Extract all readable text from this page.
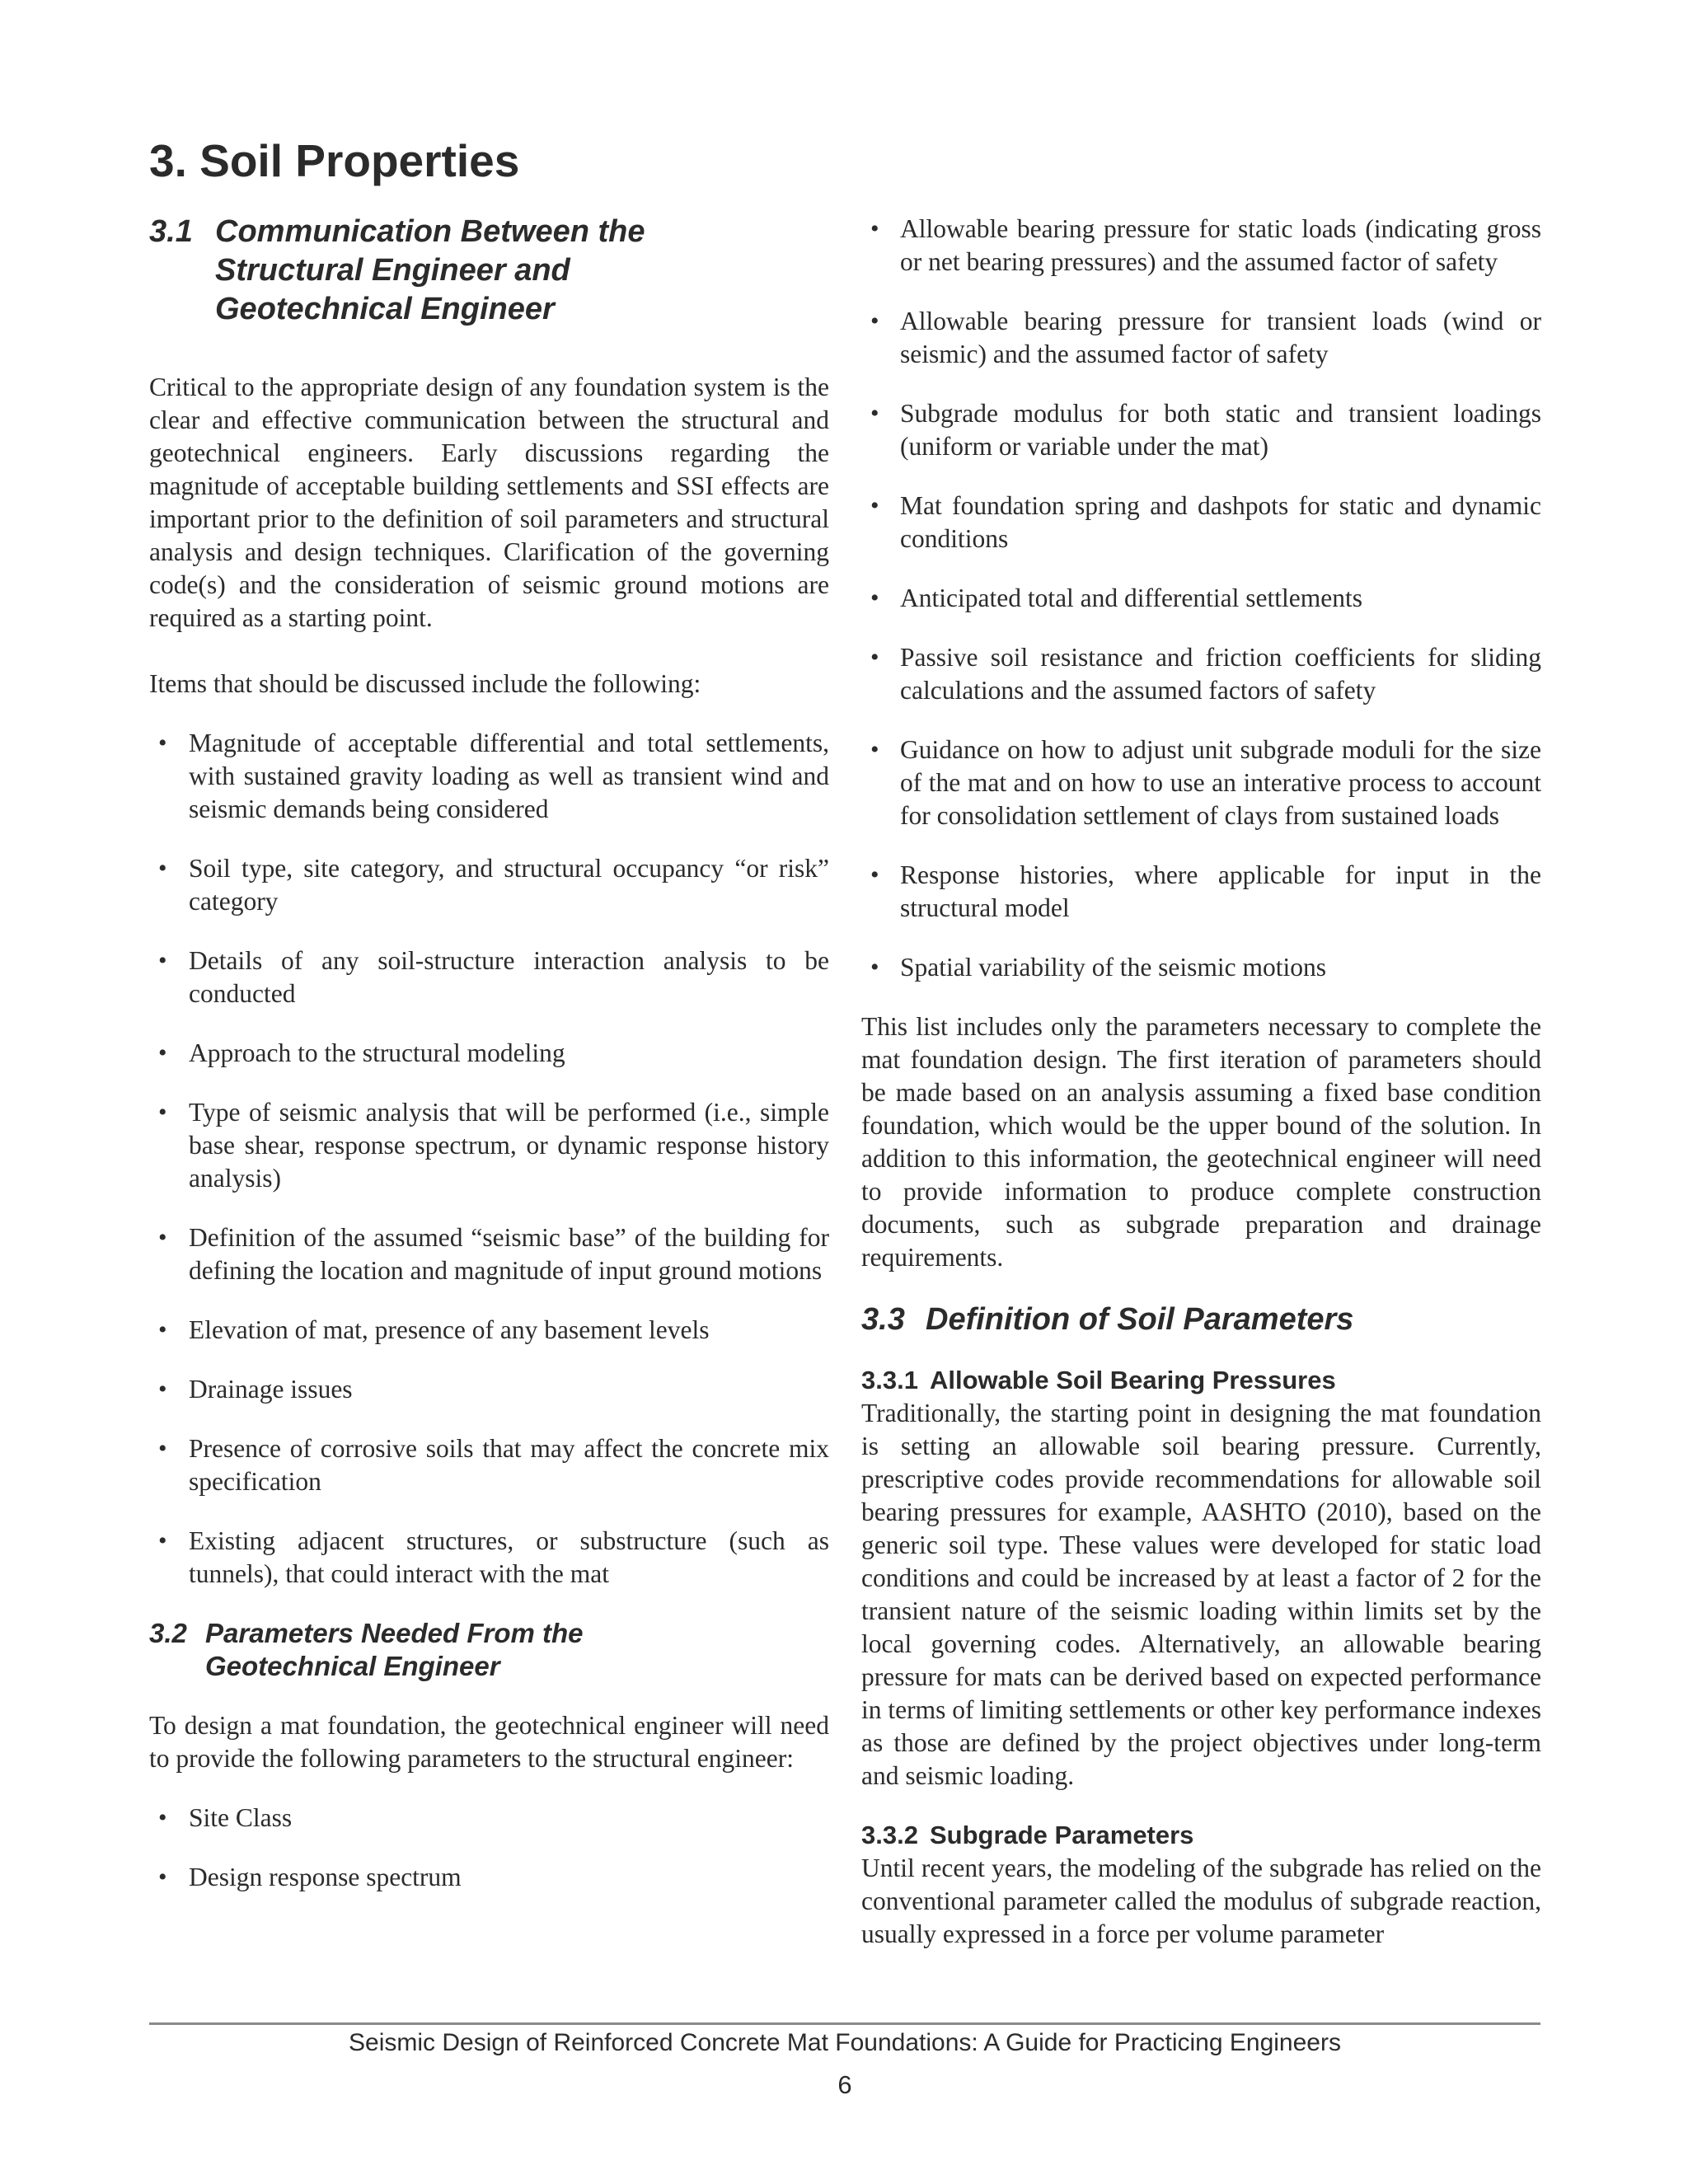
3. Soil Properties
3.1 Communication Between the
Structural Engineer and
Geotechnical Engineer

Critical to the appropriate design of any foundation system is the clear and effective communication between the structural and geotechnical engineers. Early discussions regarding the magnitude of acceptable building settlements and SSI effects are important prior to the definition of soil parameters and structural analysis and design techniques. Clarification of the governing code(s) and the consideration of seismic ground motions are required as a starting point.

Items that should be discussed include the following:

• Magnitude of acceptable differential and total settlements, with sustained gravity loading as well as transient wind and seismic demands being considered
• Soil type, site category, and structural occupancy “or risk” category
• Details of any soil-structure interaction analysis to be conducted
• Approach to the structural modeling
• Type of seismic analysis that will be performed (i.e., simple base shear, response spectrum, or dynamic response history analysis)
• Definition of the assumed “seismic base” of the building for defining the location and magnitude of input ground motions
• Elevation of mat, presence of any basement levels
• Drainage issues
• Presence of corrosive soils that may affect the concrete mix specification
• Existing adjacent structures, or substructure (such as tunnels), that could interact with the mat
3.2 Parameters Needed From the
Geotechnical Engineer

To design a mat foundation, the geotechnical engineer will need to provide the following parameters to the structural engineer:

• Site Class
• Design response spectrum
• Allowable bearing pressure for static loads (indicating gross or net bearing pressures) and the assumed factor of safety
• Allowable bearing pressure for transient loads (wind or seismic) and the assumed factor of safety
• Subgrade modulus for both static and transient loadings (uniform or variable under the mat)
• Mat foundation spring and dashpots for static and dynamic conditions
• Anticipated total and differential settlements
• Passive soil resistance and friction coefficients for sliding calculations and the assumed factors of safety
• Guidance on how to adjust unit subgrade moduli for the size of the mat and on how to use an interative process to account for consolidation settlement of clays from sustained loads
• Response histories, where applicable for input in the structural model
• Spatial variability of the seismic motions

This list includes only the parameters necessary to complete the mat foundation design. The first iteration of parameters should be made based on an analysis assuming a fixed base condition foundation, which would be the upper bound of the solution. In addition to this information, the geotechnical engineer will need to provide information to produce complete construction documents, such as subgrade preparation and drainage requirements.

3.3 Definition of Soil Parameters
3.3.1 Allowable Soil Bearing Pressures

Traditionally, the starting point in designing the mat foundation is setting an allowable soil bearing pressure. Currently, prescriptive codes provide recommendations for allowable soil bearing pressures for example, AASHTO (2010), based on the generic soil type. These values were developed for static load conditions and could be increased by at least a factor of 2 for the transient nature of the seismic loading within limits set by the local governing codes. Alternatively, an allowable bearing pressure for mats can be derived based on expected performance in terms of limiting settlements or other key performance indexes as those are defined by the project objectives under long-term and seismic loading.

3.3.2 Subgrade Parameters

Until recent years, the modeling of the subgrade has relied on the conventional parameter called the modulus of subgrade reaction, usually expressed in a force per volume parameter

Seismic Design of Reinforced Concrete Mat Foundations: A Guide for Practicing Engineers
6
